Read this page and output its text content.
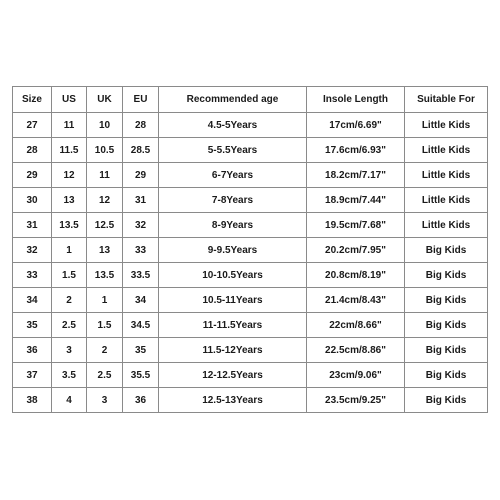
Size	US	UK	EU	Recommended age	Insole Length	Suitable For
27	11	10	28	4.5-5Years	17cm/6.69"	Little Kids
28	11.5	10.5	28.5	5-5.5Years	17.6cm/6.93"	Little Kids
29	12	11	29	6-7Years	18.2cm/7.17"	Little Kids
30	13	12	31	7-8Years	18.9cm/7.44"	Little Kids
31	13.5	12.5	32	8-9Years	19.5cm/7.68"	Little Kids
32	1	13	33	9-9.5Years	20.2cm/7.95"	Big Kids
33	1.5	13.5	33.5	10-10.5Years	20.8cm/8.19"	Big Kids
34	2	1	34	10.5-11Years	21.4cm/8.43"	Big Kids
35	2.5	1.5	34.5	11-11.5Years	22cm/8.66"	Big Kids
36	3	2	35	11.5-12Years	22.5cm/8.86"	Big Kids
37	3.5	2.5	35.5	12-12.5Years	23cm/9.06"	Big Kids
38	4	3	36	12.5-13Years	23.5cm/9.25"	Big Kids
